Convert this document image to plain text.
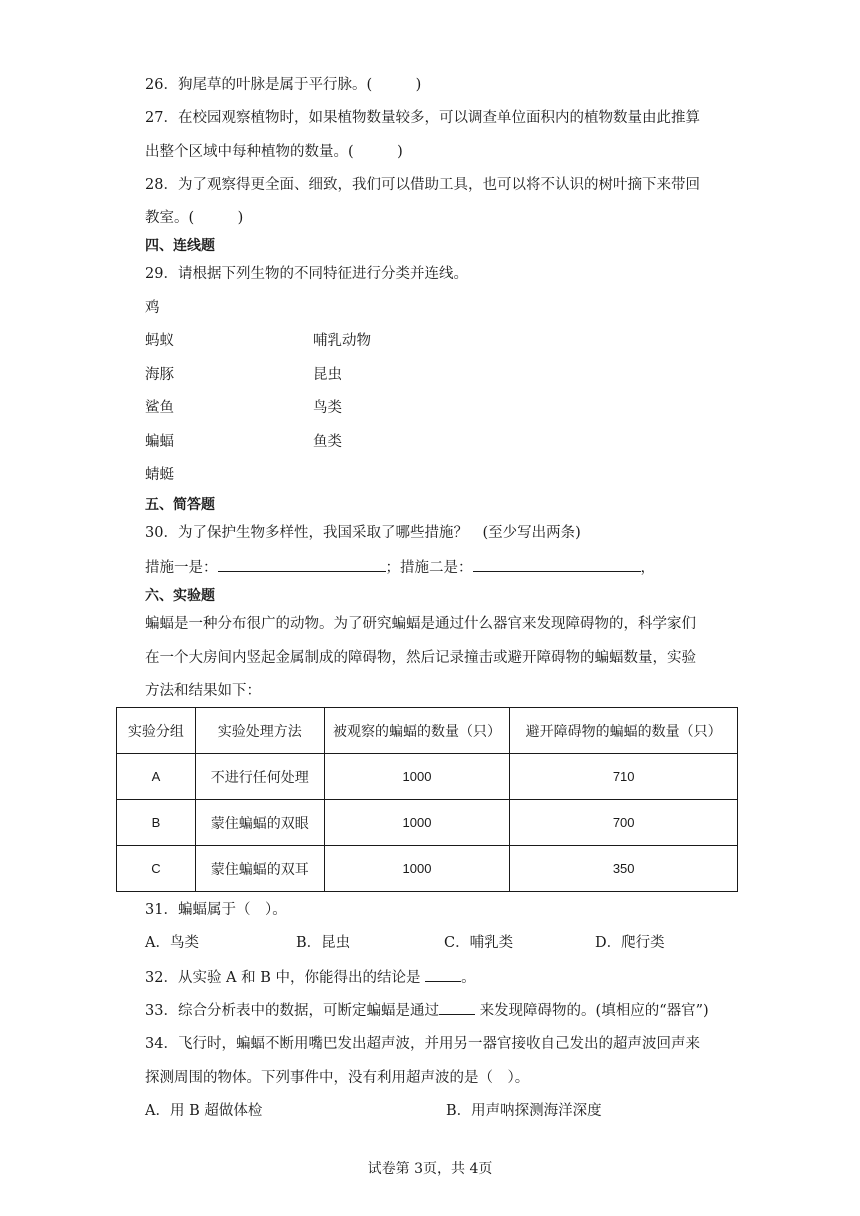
26．狗尾草的叶脉是属于平行脉。(　　　)
27．在校园观察植物时，如果植物数量较多，可以调查单位面积内的植物数量由此推算
出整个区域中每种植物的数量。(　　　)
28．为了观察得更全面、细致，我们可以借助工具，也可以将不认识的树叶摘下来带回
教室。(　　　)
四、连线题
29．请根据下列生物的不同特征进行分类并连线。
鸡
蚂蚁
海豚
鲨鱼
蝙蝠
蜻蜓
哺乳动物
昆虫
鸟类
鱼类
五、简答题
30．为了保护生物多样性，我国采取了哪些措施？　(至少写出两条)
措施一是：	；措施二是：	，
六、实验题
蝙蝠是一种分布很广的动物。为了研究蝙蝠是通过什么器官来发现障碍物的，科学家们
在一个大房间内竖起金属制成的障碍物，然后记录撞击或避开障碍物的蝙蝠数量，实验
方法和结果如下：
实验分组	实验处理方法	被观察的蝙蝠的数量（只）	避开障碍物的蝙蝠的数量（只）
A	不进行任何处理	1000	710
B	蒙住蝙蝠的双眼	1000	700
C	蒙住蝙蝠的双耳	1000	350
31．蝙蝠属于（　）。
A．鸟类	B．昆虫	C．哺乳类	D．爬行类
32．从实验 A 和 B 中，你能得出的结论是	。
33．综合分析表中的数据，可断定蝙蝠是通过	来发现障碍物的。(填相应的“器官”)
34．飞行时，蝙蝠不断用嘴巴发出超声波，并用另一器官接收自己发出的超声波回声来
探测周围的物体。下列事件中，没有利用超声波的是（　）。
A．用 B 超做体检	B．用声呐探测海洋深度
试卷第 3页，共 4页
